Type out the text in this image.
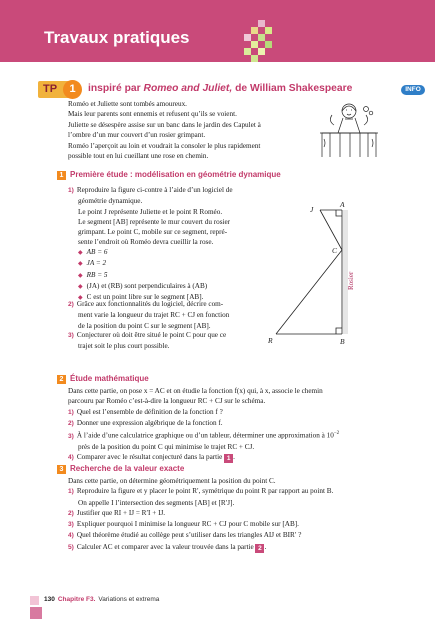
Travaux pratiques
TP	1	inspiré par Romeo and Juliet, de William Shakespeare	INFO
Roméo et Juliette sont tombés amoureux.
Mais leur parents sont ennemis et refusent qu’ils se voient.
Juliette se désespère assise sur un banc dans le jardin des Capulet à
l’ombre d’un mur couvert d’un rosier grimpant.
Roméo l’aperçoit au loin et voudrait la consoler le plus rapidement
possible tout en lui cueillant une rose en chemin.
1 Première étude : modélisation en géométrie dynamique
1) Reproduire la figure ci-contre à l’aide d’un logiciel de
géométrie dynamique.
Le point J représente Juliette et le point R Roméo.
Le segment [AB] représente le mur couvert du rosier
grimpant. Le point C, mobile sur ce segment, repré-
sente l’endroit où Roméo devra cueillir la rose.
◆ AB = 6
◆ JA = 2
◆ RB = 5
◆ (JA) et (RB) sont perpendiculaires à (AB)
◆ C est un point libre sur le segment [AB].
2) Grâce aux fonctionnalités du logiciel, décrire com-
ment varie la longueur du trajet RC + CJ en fonction
de la position du point C sur le segment [AB].
3) Conjecturer où doit être situé le point C pour que ce
trajet soit le plus court possible.
J
A
C
R	B
Rosier
2 Étude mathématique
Dans cette partie, on pose x = AC et on étudie la fonction f(x) qui, à x, associe le chemin
parcouru par Roméo c’est-à-dire la longueur RC + CJ sur le schéma.
1) Quel est l’ensemble de définition de la fonction f ?
2) Donner une expression algébrique de la fonction f.
3) À l’aide d’une calculatrice graphique ou d’un tableur, déterminer une approximation à $10^{-2}$
près de la position du point C qui minimise le trajet RC + CJ.
4) Comparer avec le résultat conjecturé dans la partie 1 .
3 Recherche de la valeur exacte
Dans cette partie, on détermine géométriquement la position du point C.
1) Reproduire la figure et y placer le point R′, symétrique du point R par rapport au point B.
On appelle I l’intersection des segments [AB] et [R′J].
2) Justifier que RI + IJ = R′I + IJ.
3) Expliquer pourquoi I minimise la longueur RC + CJ pour C mobile sur [AB].
4) Quel théorème étudié au collège peut s’utiliser dans les triangles AIJ et BIR′ ?
5) Calculer AC et comparer avec la valeur trouvée dans la partie 2 .
130 Chapitre F3. Variations et extrema
